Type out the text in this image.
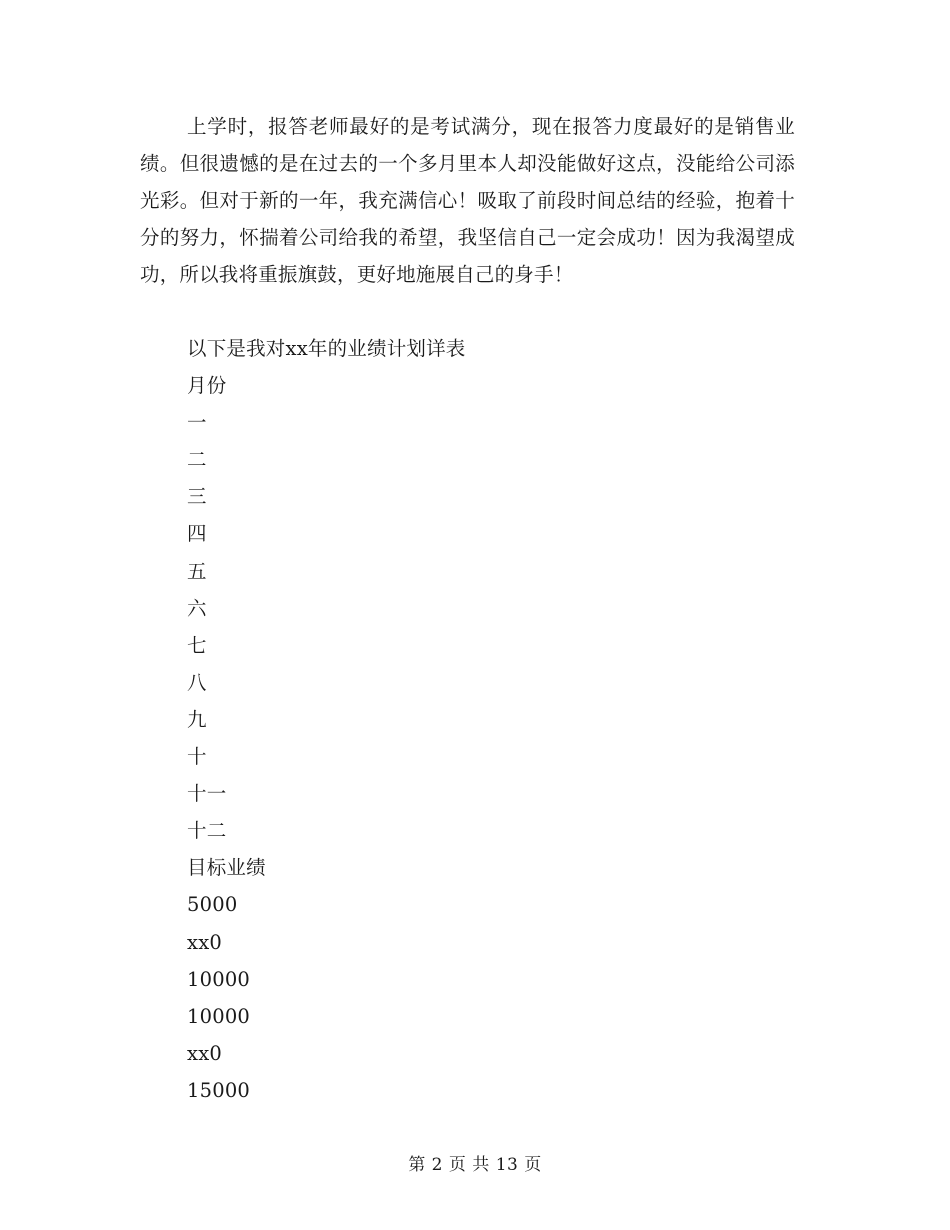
上学时，报答老师最好的是考试满分，现在报答力度最好的是销售业绩。但很遗憾的是在过去的一个多月里本人却没能做好这点，没能给公司添光彩。但对于新的一年，我充满信心！吸取了前段时间总结的经验，抱着十分的努力，怀揣着公司给我的希望，我坚信自己一定会成功！因为我渴望成功，所以我将重振旗鼓，更好地施展自己的身手！

以下是我对xx年的业绩计划详表
月份
一
二
三
四
五
六
七
八
九
十
十一
十二
目标业绩
5000
xx0
10000
10000
xx0
15000
第 2 页 共 13 页
